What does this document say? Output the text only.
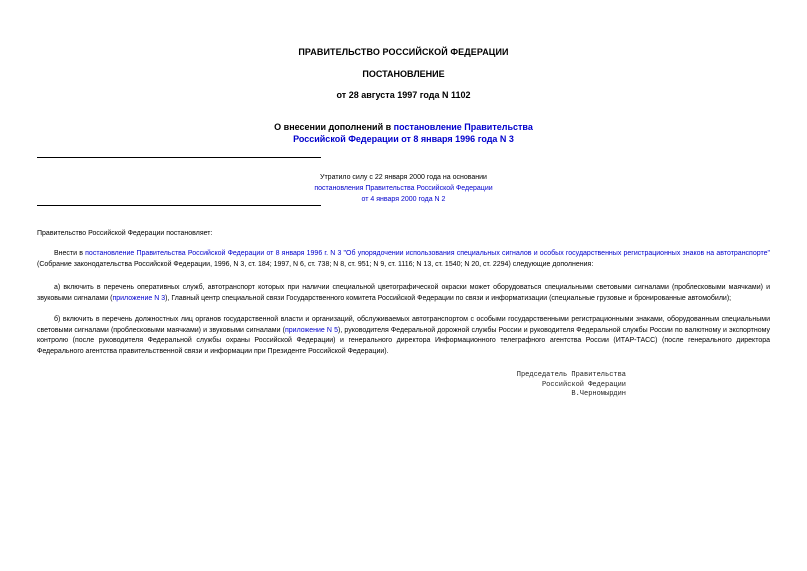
ПРАВИТЕЛЬСТВО РОССИЙСКОЙ ФЕДЕРАЦИИ
ПОСТАНОВЛЕНИЕ
от 28 августа 1997 года N 1102
О внесении дополнений в постановление Правительства
Российской Федерации от 8 января 1996 года N 3
Утратило силу с 22 января 2000 года на основании
постановления Правительства Российской Федерации
от 4 января 2000 года N 2
Правительство Российской Федерации постановляет:
Внести в постановление Правительства Российской Федерации от 8 января 1996 г. N 3 "Об упорядочении использования специальных сигналов и особых государственных регистрационных знаков на автотранспорте" (Собрание законодательства Российской Федерации, 1996, N 3, ст. 184; 1997, N 6, ст. 738; N 8, ст. 951; N 9, ст. 1116; N 13, ст. 1540; N 20, ст. 2294) следующие дополнения:
а) включить в перечень оперативных служб, автотранспорт которых при наличии специальной цветографической окраски может оборудоваться специальными световыми сигналами (проблесковыми маячками) и звуковыми сигналами (приложение N 3), Главный центр специальной связи Государственного комитета Российской Федерации по связи и информатизации (специальные грузовые и бронированные автомобили);
б) включить в перечень должностных лиц органов государственной власти и организаций, обслуживаемых автотранспортом с особыми государственными регистрационными знаками, оборудованным специальными световыми сигналами (проблесковыми маячками) и звуковыми сигналами (приложение N 5), руководителя Федеральной дорожной службы России и руководителя Федеральной службы России по валютному и экспортному контролю (после руководителя Федеральной службы охраны Российской Федерации) и генерального директора Информационного телеграфного агентства России (ИТАР-ТАСС) (после генерального директора Федерального агентства правительственной связи и информации при Президенте Российской Федерации).
Председатель Правительства
Российской Федерации
В.Черномырдин
